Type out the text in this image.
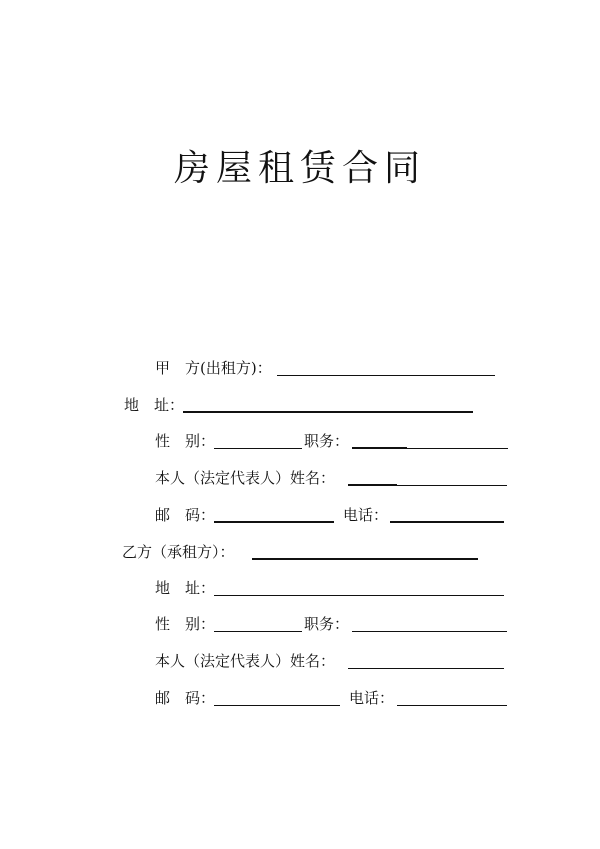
房屋租赁合同
甲　方(出租方)：
地　址：
性　别：	职务：
本人（法定代表人）姓名：
邮　码：	电话：
乙方（承租方）：
地　址：
性　别：	职务：
本人（法定代表人）姓名：
邮　码：	电话：
